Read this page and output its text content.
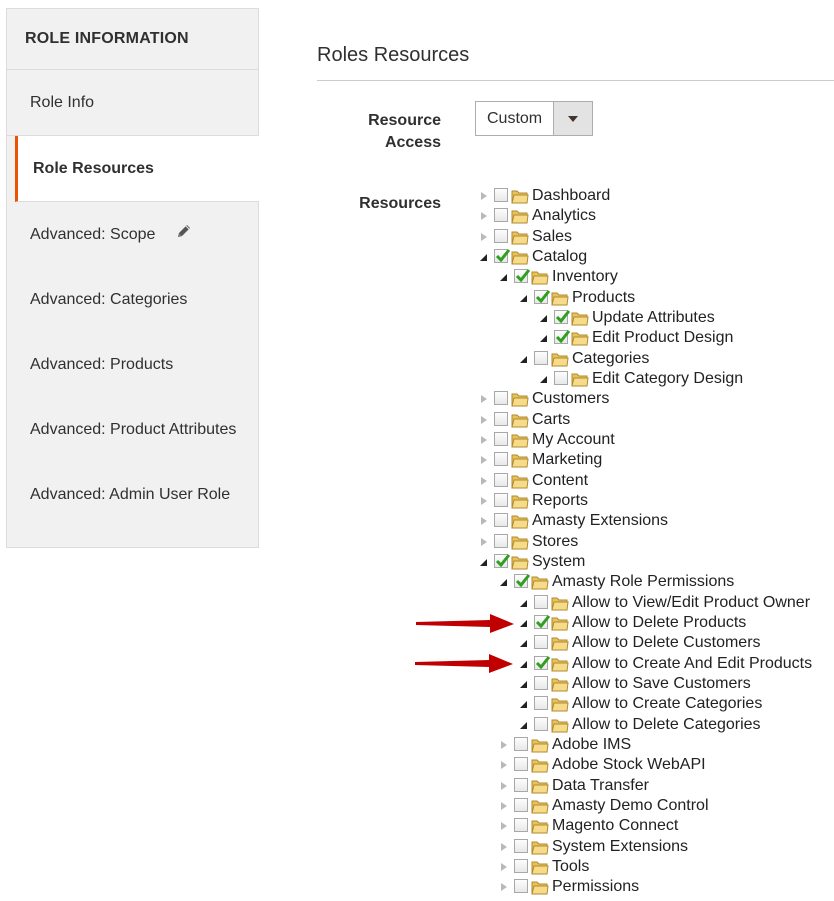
ROLE INFORMATION
Role Info
Role Resources
Advanced: Scope
Advanced: Categories
Advanced: Products
Advanced: Product Attributes
Advanced: Admin User Role
Roles Resources
Resource Access
Custom
Resources	Dashboard
Analytics
Sales
Catalog
Inventory
Products
Update Attributes
Edit Product Design
Categories
Edit Category Design
Customers
Carts
My Account
Marketing
Content
Reports
Amasty Extensions
Stores
System
Amasty Role Permissions
Allow to View/Edit Product Owner
Allow to Delete Products
Allow to Delete Customers
Allow to Create And Edit Products
Allow to Save Customers
Allow to Create Categories
Allow to Delete Categories
Adobe IMS
Adobe Stock WebAPI
Data Transfer
Amasty Demo Control
Magento Connect
System Extensions
Tools
Permissions
